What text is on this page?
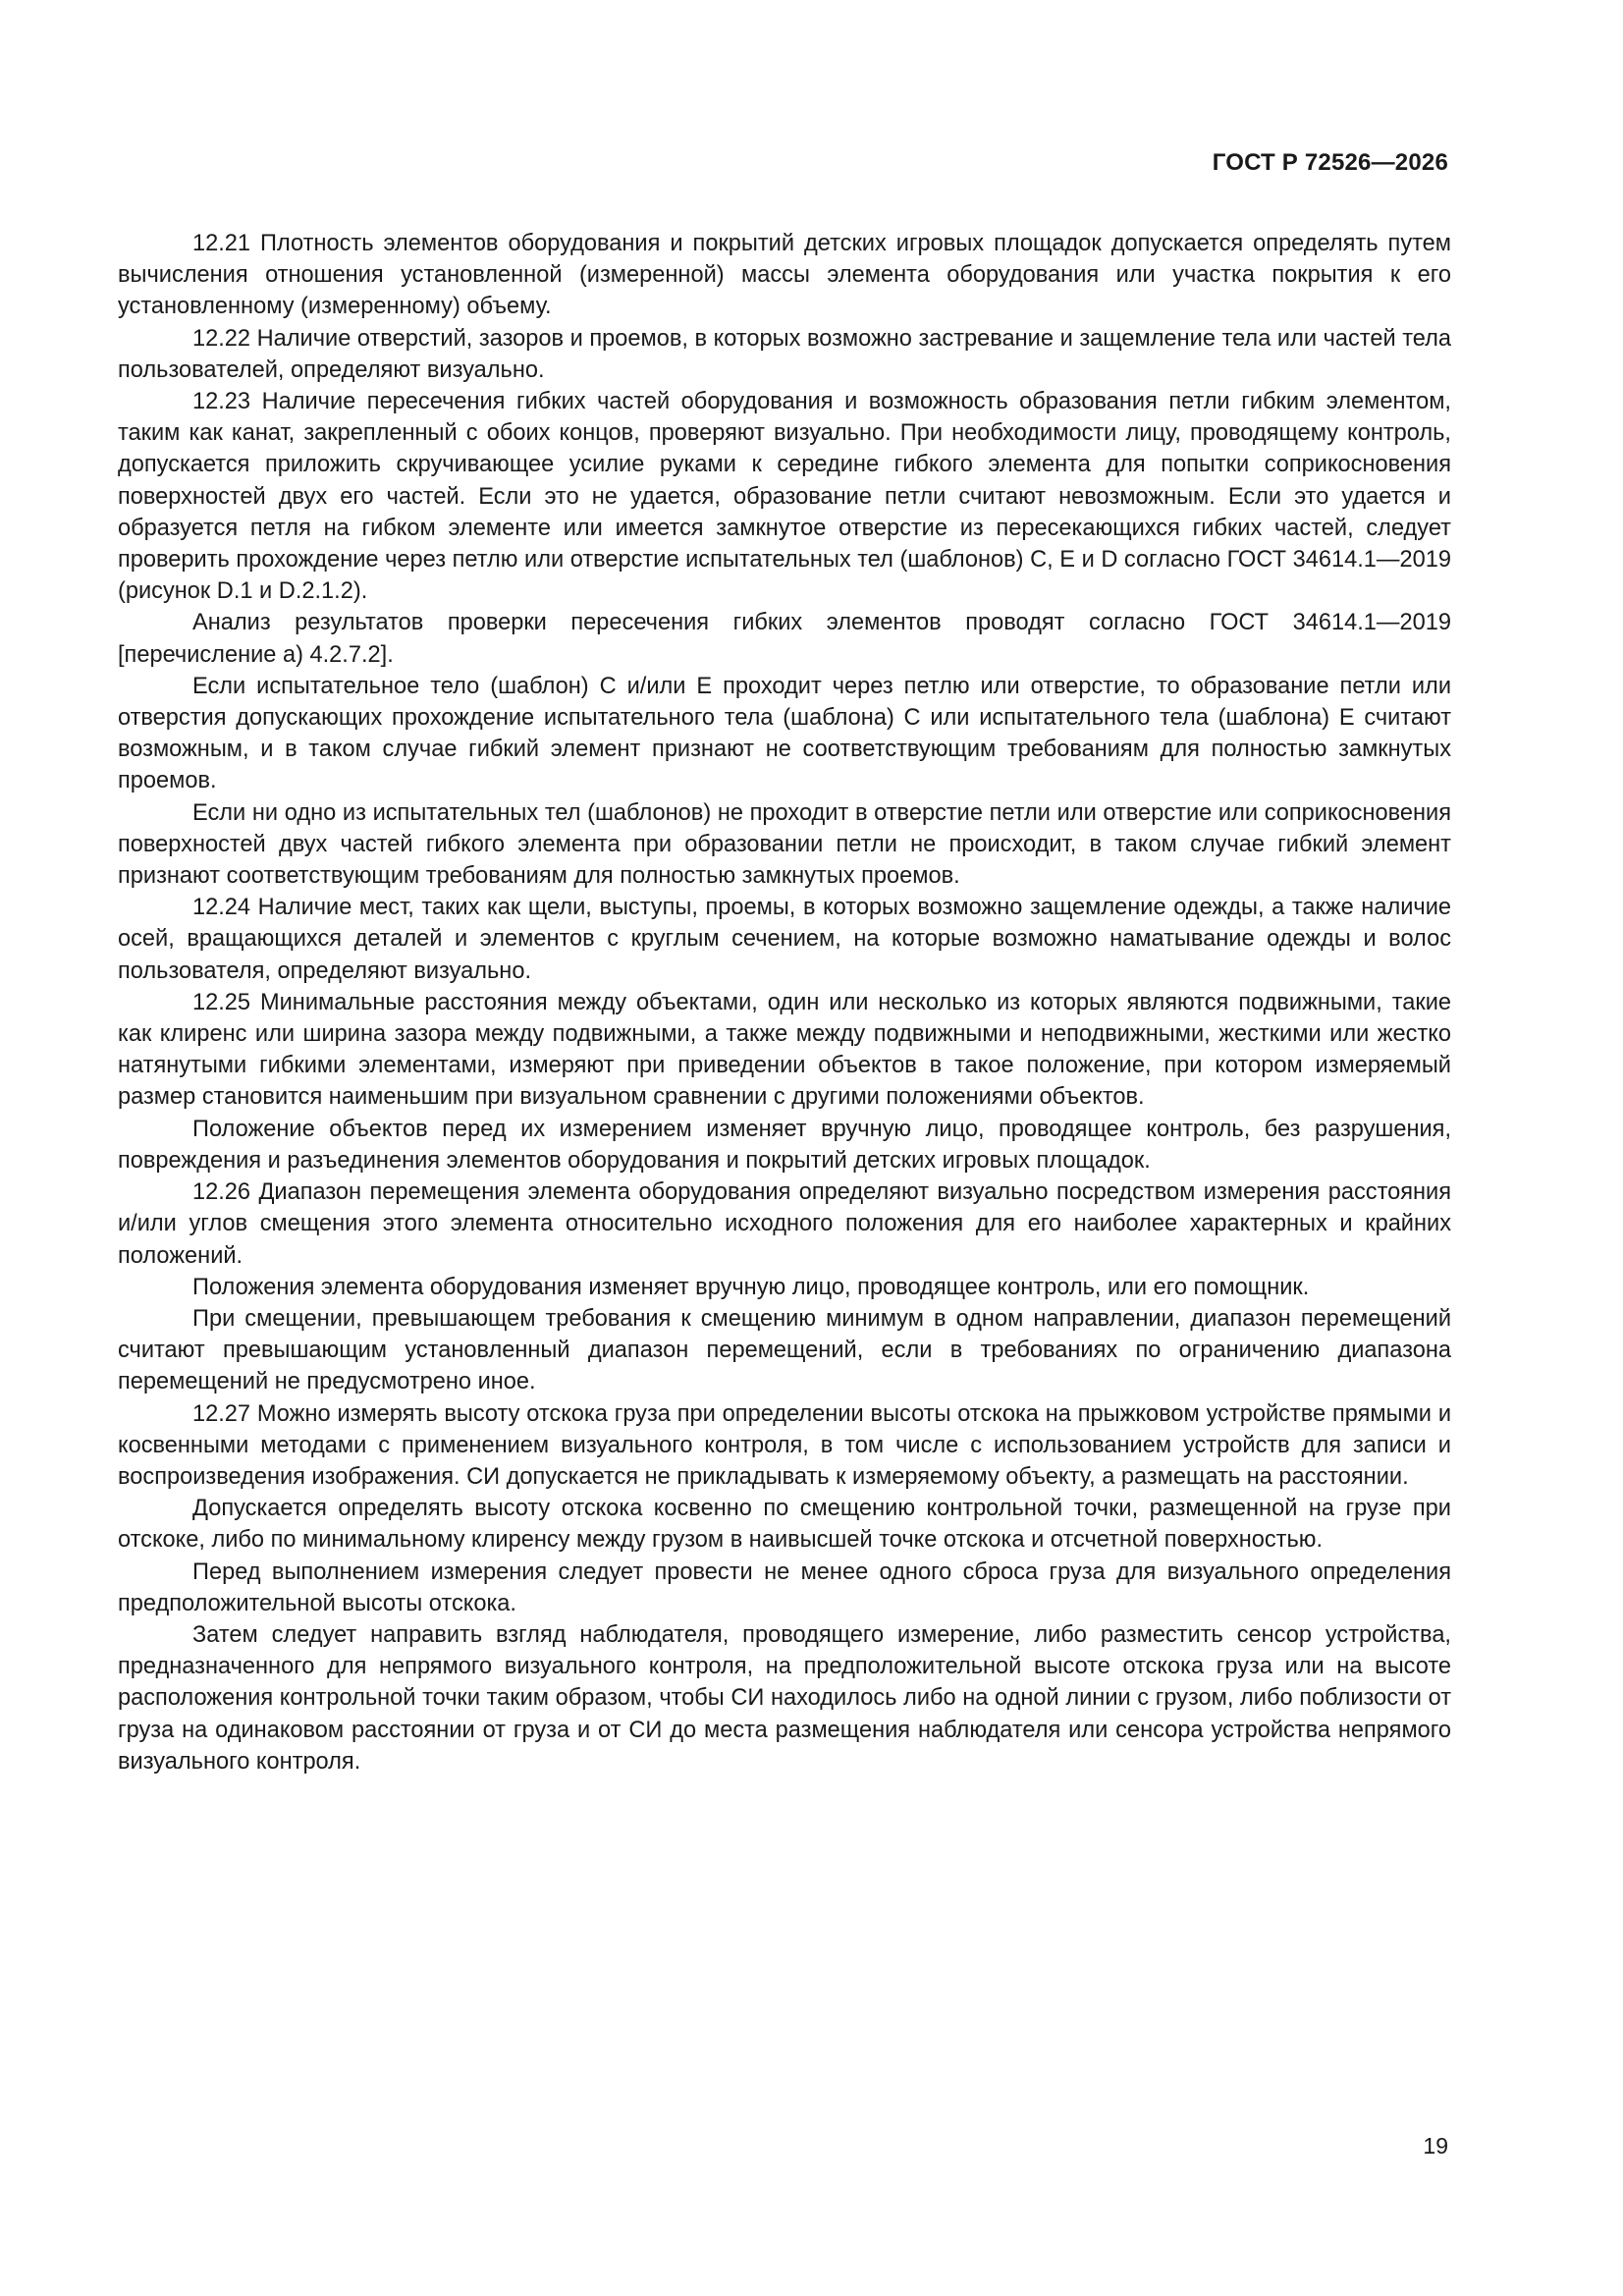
ГОСТ Р 72526—2026

12.21 Плотность элементов оборудования и покрытий детских игровых площадок допускается определять путем вычисления отношения установленной (измеренной) массы элемента оборудования или участка покрытия к его установленному (измеренному) объему.

12.22 Наличие отверстий, зазоров и проемов, в которых возможно застревание и защемление тела или частей тела пользователей, определяют визуально.

12.23 Наличие пересечения гибких частей оборудования и возможность образования петли гибким элементом, таким как канат, закрепленный с обоих концов, проверяют визуально. При необходимости лицу, проводящему контроль, допускается приложить скручивающее усилие руками к середине гибкого элемента для попытки соприкосновения поверхностей двух его частей. Если это не удается, образование петли считают невозможным. Если это удается и образуется петля на гибком элементе или имеется замкнутое отверстие из пересекающихся гибких частей, следует проверить прохождение через петлю или отверстие испытательных тел (шаблонов) С, Е и D согласно ГОСТ 34614.1—2019 (рисунок D.1 и D.2.1.2).

Анализ результатов проверки пересечения гибких элементов проводят согласно ГОСТ 34614.1—2019 [перечисление а) 4.2.7.2].

Если испытательное тело (шаблон) С и/или Е проходит через петлю или отверстие, то образование петли или отверстия допускающих прохождение испытательного тела (шаблона) С или испытательного тела (шаблона) Е считают возможным, и в таком случае гибкий элемент признают не соответствующим требованиям для полностью замкнутых проемов.

Если ни одно из испытательных тел (шаблонов) не проходит в отверстие петли или отверстие или соприкосновения поверхностей двух частей гибкого элемента при образовании петли не происходит, в таком случае гибкий элемент признают соответствующим требованиям для полностью замкнутых проемов.

12.24 Наличие мест, таких как щели, выступы, проемы, в которых возможно защемление одежды, а также наличие осей, вращающихся деталей и элементов с круглым сечением, на которые возможно наматывание одежды и волос пользователя, определяют визуально.

12.25 Минимальные расстояния между объектами, один или несколько из которых являются подвижными, такие как клиренс или ширина зазора между подвижными, а также между подвижными и неподвижными, жесткими или жестко натянутыми гибкими элементами, измеряют при приведении объектов в такое положение, при котором измеряемый размер становится наименьшим при визуальном сравнении с другими положениями объектов.

Положение объектов перед их измерением изменяет вручную лицо, проводящее контроль, без разрушения, повреждения и разъединения элементов оборудования и покрытий детских игровых площадок.

12.26 Диапазон перемещения элемента оборудования определяют визуально посредством измерения расстояния и/или углов смещения этого элемента относительно исходного положения для его наиболее характерных и крайних положений.

Положения элемента оборудования изменяет вручную лицо, проводящее контроль, или его помощник.

При смещении, превышающем требования к смещению минимум в одном направлении, диапазон перемещений считают превышающим установленный диапазон перемещений, если в требованиях по ограничению диапазона перемещений не предусмотрено иное.

12.27 Можно измерять высоту отскока груза при определении высоты отскока на прыжковом устройстве прямыми и косвенными методами с применением визуального контроля, в том числе с использованием устройств для записи и воспроизведения изображения. СИ допускается не прикладывать к измеряемому объекту, а размещать на расстоянии.

Допускается определять высоту отскока косвенно по смещению контрольной точки, размещенной на грузе при отскоке, либо по минимальному клиренсу между грузом в наивысшей точке отскока и отсчетной поверхностью.

Перед выполнением измерения следует провести не менее одного сброса груза для визуального определения предположительной высоты отскока.

Затем следует направить взгляд наблюдателя, проводящего измерение, либо разместить сенсор устройства, предназначенного для непрямого визуального контроля, на предположительной высоте отскока груза или на высоте расположения контрольной точки таким образом, чтобы СИ находилось либо на одной линии с грузом, либо поблизости от груза на одинаковом расстоянии от груза и от СИ до места размещения наблюдателя или сенсора устройства непрямого визуального контроля.

19
